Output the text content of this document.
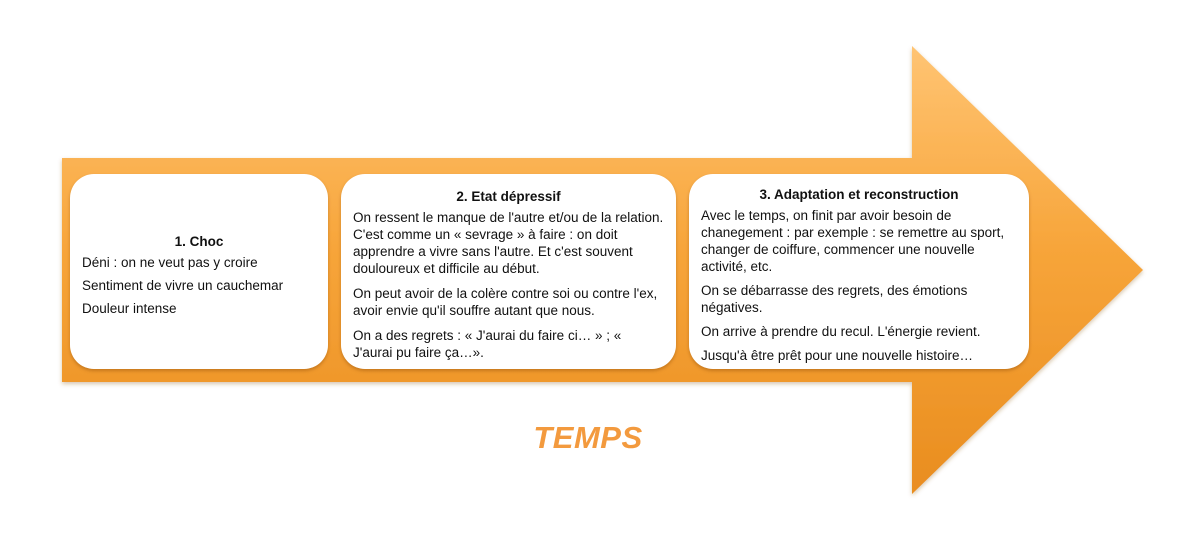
1. Choc
Déni : on ne veut pas y croire
Sentiment de vivre un cauchemar
Douleur intense
2. Etat dépressif
On ressent le manque de l'autre et/ou de la relation. C'est comme un « sevrage » à faire : on doit apprendre a vivre sans l'autre. Et c'est souvent douloureux et difficile au début.
On peut avoir de la colère contre soi ou contre l'ex, avoir envie qu'il souffre autant que nous.
On a des regrets : « J'aurai du faire ci… » ; « J'aurai pu faire ça…».
3. Adaptation et reconstruction
Avec le temps, on finit par avoir besoin de chanegement : par exemple : se remettre au sport, changer de coiffure, commencer une nouvelle activité, etc.
On se débarrasse des regrets, des émotions négatives.
On arrive à prendre du recul. L'énergie revient.
Jusqu'à être prêt pour une nouvelle histoire…
TEMPS
